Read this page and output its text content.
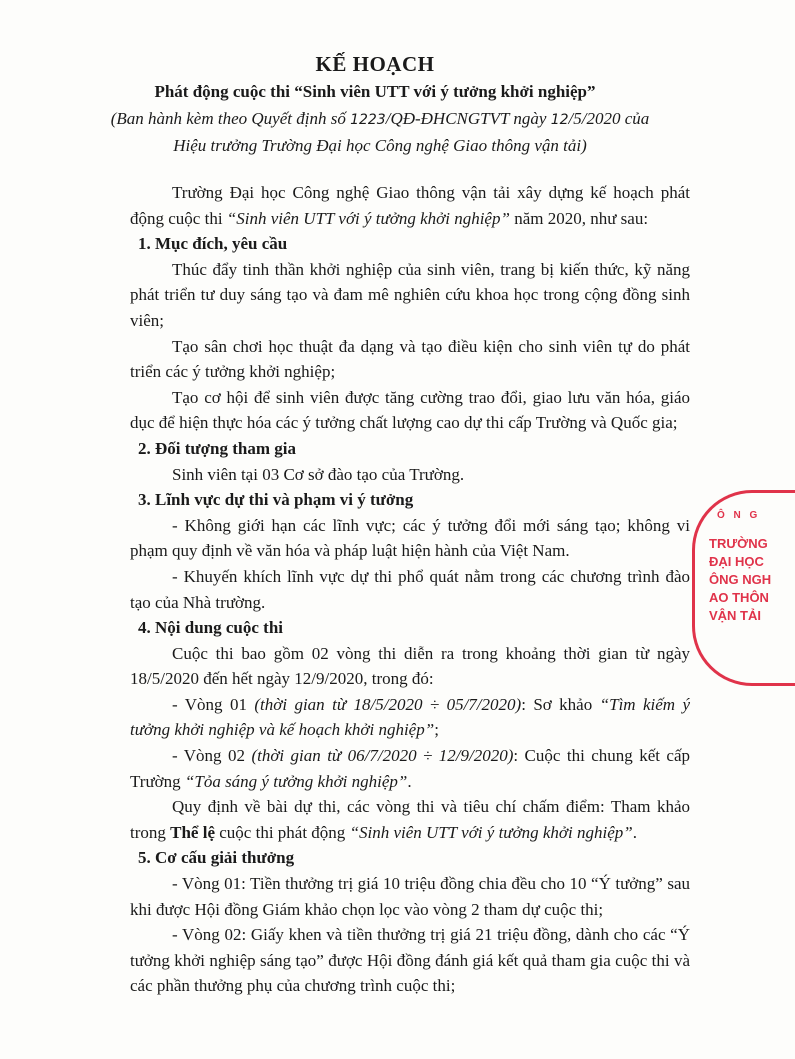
KẾ HOẠCH
Phát động cuộc thi “Sinh viên UTT với ý tưởng khởi nghiệp”
(Ban hành kèm theo Quyết định số 1223/QĐ-ĐHCNGTVT ngày 12/5/2020 của
Hiệu trưởng Trường Đại học Công nghệ Giao thông vận tải)

Trường Đại học Công nghệ Giao thông vận tải xây dựng kế hoạch phát động cuộc thi “Sinh viên UTT với ý tưởng khởi nghiệp” năm 2020, như sau:

1. Mục đích, yêu cầu

Thúc đẩy tinh thần khởi nghiệp của sinh viên, trang bị kiến thức, kỹ năng phát triển tư duy sáng tạo và đam mê nghiên cứu khoa học trong cộng đồng sinh viên;

Tạo sân chơi học thuật đa dạng và tạo điều kiện cho sinh viên tự do phát triển các ý tưởng khởi nghiệp;

Tạo cơ hội để sinh viên được tăng cường trao đổi, giao lưu văn hóa, giáo dục để hiện thực hóa các ý tưởng chất lượng cao dự thi cấp Trường và Quốc gia;

2. Đối tượng tham gia

Sinh viên tại 03 Cơ sở đào tạo của Trường.

3. Lĩnh vực dự thi và phạm vi ý tưởng

- Không giới hạn các lĩnh vực; các ý tưởng đổi mới sáng tạo; không vi phạm quy định về văn hóa và pháp luật hiện hành của Việt Nam.

- Khuyến khích lĩnh vực dự thi phổ quát nằm trong các chương trình đào tạo của Nhà trường.

4. Nội dung cuộc thi

Cuộc thi bao gồm 02 vòng thi diễn ra trong khoảng thời gian từ ngày 18/5/2020 đến hết ngày 12/9/2020, trong đó:

- Vòng 01 (thời gian từ 18/5/2020 ÷ 05/7/2020): Sơ khảo “Tìm kiếm ý tưởng khởi nghiệp và kế hoạch khởi nghiệp”;

- Vòng 02 (thời gian từ 06/7/2020 ÷ 12/9/2020): Cuộc thi chung kết cấp Trường “Tỏa sáng ý tưởng khởi nghiệp”.

Quy định về bài dự thi, các vòng thi và tiêu chí chấm điểm: Tham khảo trong Thể lệ cuộc thi phát động “Sinh viên UTT với ý tưởng khởi nghiệp”.

5. Cơ cấu giải thưởng

- Vòng 01: Tiền thưởng trị giá 10 triệu đồng chia đều cho 10 “Ý tưởng” sau khi được Hội đồng Giám khảo chọn lọc vào vòng 2 tham dự cuộc thi;

- Vòng 02: Giấy khen và tiền thưởng trị giá 21 triệu đồng, dành cho các “Ý tưởng khởi nghiệp sáng tạo” được Hội đồng đánh giá kết quả tham gia cuộc thi và các phần thưởng phụ của chương trình cuộc thi;

Ô N G
TRƯỜNG
ĐẠI HỌC
ÔNG NGH
AO THÔN
VẬN TẢI
